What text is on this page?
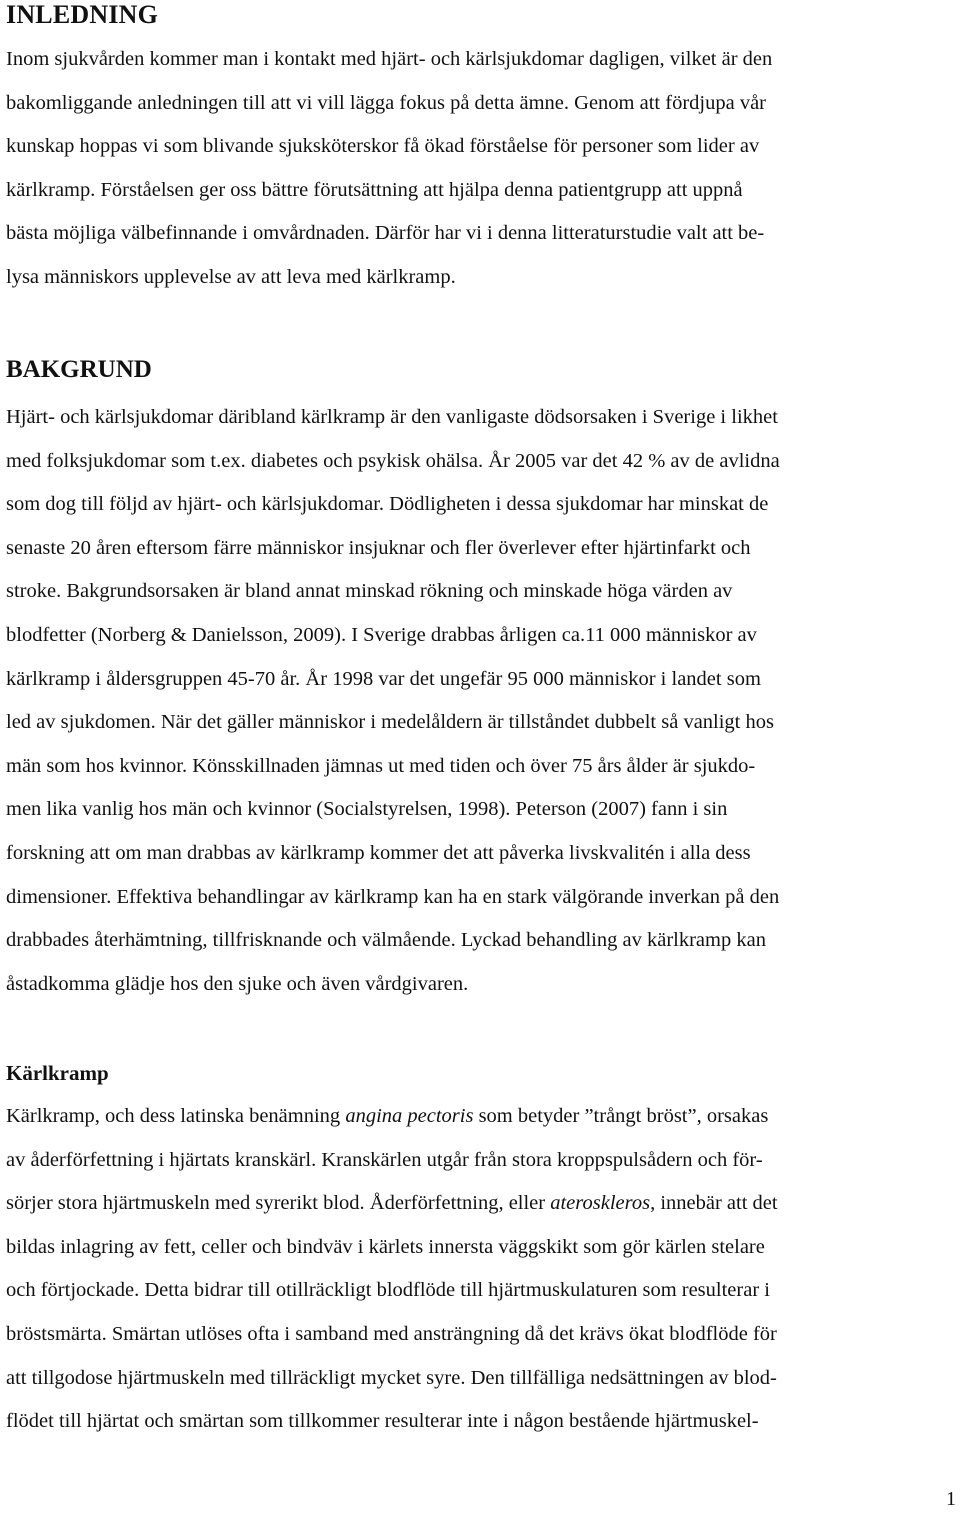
INLEDNING

Inom sjukvården kommer man i kontakt med hjärt- och kärlsjukdomar dagligen, vilket är den
bakomliggande anledningen till att vi vill lägga fokus på detta ämne. Genom att fördjupa vår
kunskap hoppas vi som blivande sjuksköterskor få ökad förståelse för personer som lider av
kärlkramp. Förståelsen ger oss bättre förutsättning att hjälpa denna patientgrupp att uppnå
bästa möjliga välbefinnande i omvårdnaden. Därför har vi i denna litteraturstudie valt att be-
lysa människors upplevelse av att leva med kärlkramp.

BAKGRUND

Hjärt- och kärlsjukdomar däribland kärlkramp är den vanligaste dödsorsaken i Sverige i likhet
med folksjukdomar som t.ex. diabetes och psykisk ohälsa. År 2005 var det 42 % av de avlidna
som dog till följd av hjärt- och kärlsjukdomar. Dödligheten i dessa sjukdomar har minskat de
senaste 20 åren eftersom färre människor insjuknar och fler överlever efter hjärtinfarkt och
stroke. Bakgrundsorsaken är bland annat minskad rökning och minskade höga värden av
blodfetter (Norberg & Danielsson, 2009). I Sverige drabbas årligen ca.11 000 människor av
kärlkramp i åldersgruppen 45-70 år. År 1998 var det ungefär 95 000 människor i landet som
led av sjukdomen. När det gäller människor i medelåldern är tillståndet dubbelt så vanligt hos
män som hos kvinnor. Könsskillnaden jämnas ut med tiden och över 75 års ålder är sjukdo-
men lika vanlig hos män och kvinnor (Socialstyrelsen, 1998). Peterson (2007) fann i sin
forskning att om man drabbas av kärlkramp kommer det att påverka livskvalitén i alla dess
dimensioner. Effektiva behandlingar av kärlkramp kan ha en stark välgörande inverkan på den
drabbades återhämtning, tillfrisknande och välmående. Lyckad behandling av kärlkramp kan
åstadkomma glädje hos den sjuke och även vårdgivaren.

Kärlkramp

Kärlkramp, och dess latinska benämning angina pectoris som betyder ”trångt bröst”, orsakas
av åderförfettning i hjärtats kranskärl. Kranskärlen utgår från stora kroppspulsådern och för-
sörjer stora hjärtmuskeln med syrerikt blod. Åderförfettning, eller ateroskleros, innebär att det
bildas inlagring av fett, celler och bindväv i kärlets innersta väggskikt som gör kärlen stelare
och förtjockade. Detta bidrar till otillräckligt blodflöde till hjärtmuskulaturen som resulterar i
bröstsmärta. Smärtan utlöses ofta i samband med ansträngning då det krävs ökat blodflöde för
att tillgodose hjärtmuskeln med tillräckligt mycket syre. Den tillfälliga nedsättningen av blod-
flödet till hjärtat och smärtan som tillkommer resulterar inte i någon bestående hjärtmuskel-

1
